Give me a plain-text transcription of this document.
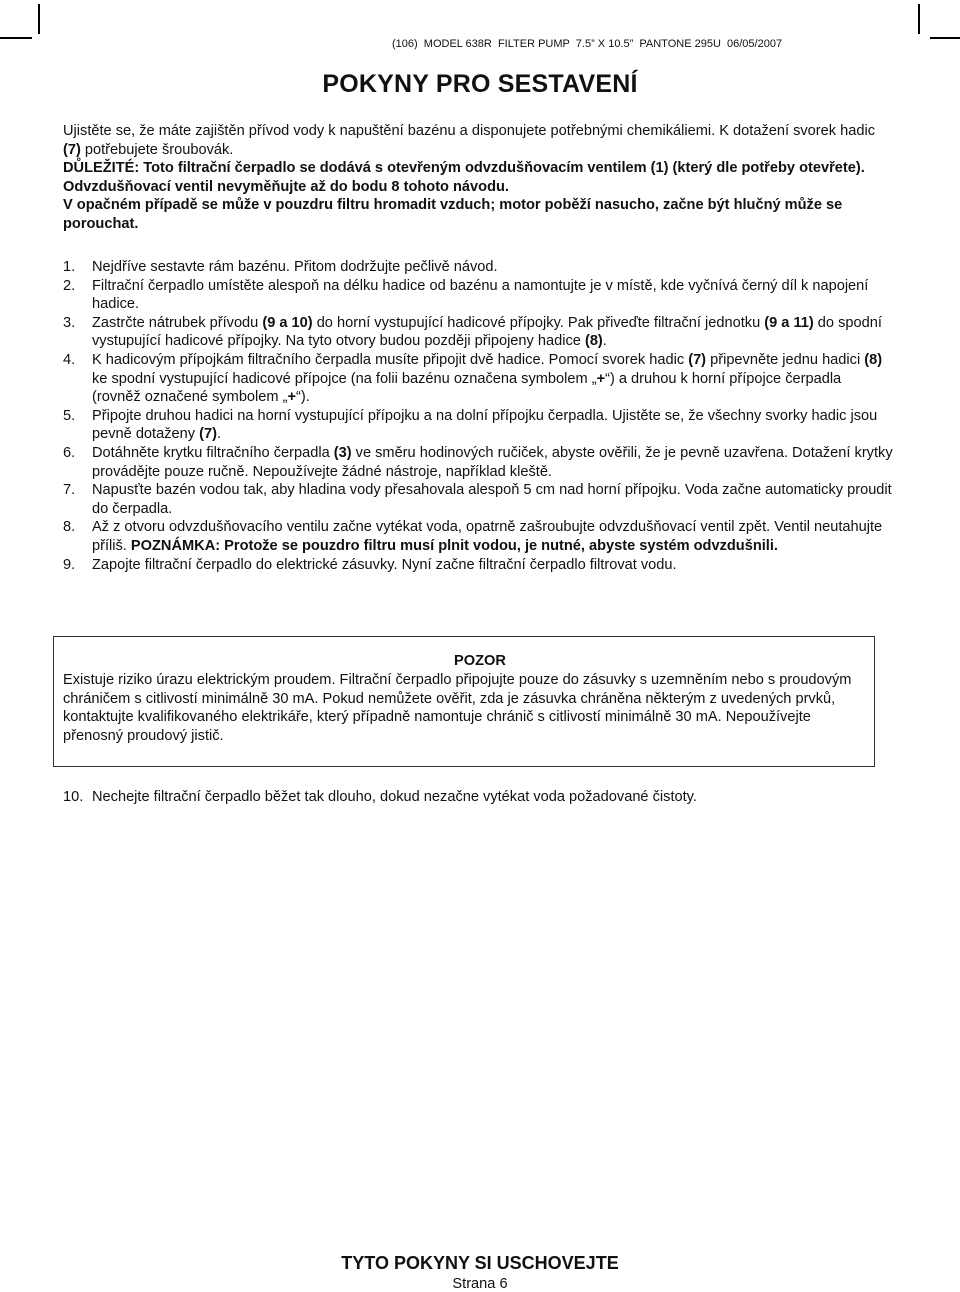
(106)  MODEL 638R  FILTER PUMP  7.5” X 10.5”  PANTONE 295U  06/05/2007
POKYNY PRO SESTAVENÍ

Ujistěte se, že máte zajištěn přívod vody k napuštění bazénu a disponujete potřebnými chemikáliemi. K dotažení svorek hadic (7) potřebujete šroubovák.

DŮLEŽITÉ: Toto filtrační čerpadlo se dodává s otevřeným odvzdušňovacím ventilem (1) (který dle potřeby otevřete). Odvzdušňovací ventil nevyměňujte až do bodu 8 tohoto návodu.

V opačném případě se může v pouzdru filtru hromadit vzduch; motor poběží nasucho, začne být hlučný může se porouchat.

1.	Nejdříve sestavte rám bazénu. Přitom dodržujte pečlivě návod.
2.	Filtrační čerpadlo umístěte alespoň na délku hadice od bazénu a namontujte je v místě, kde vyčnívá černý díl k napojení hadice.
3.	Zastrčte nátrubek přívodu (9 a 10) do horní vystupující hadicové přípojky. Pak přiveďte filtrační jednotku (9 a 11) do spodní vystupující hadicové přípojky. Na tyto otvory budou později připojeny hadice (8).
4.	K hadicovým přípojkám filtračního čerpadla musíte připojit dvě hadice. Pomocí svorek hadic (7) připevněte jednu hadici (8) ke spodní vystupující hadicové přípojce (na folii bazénu označena symbolem „+“) a druhou k horní přípojce čerpadla (rovněž označené symbolem „+“).
5.	Připojte druhou hadici na horní vystupující přípojku a na dolní přípojku čerpadla. Ujistěte se, že všechny svorky hadic jsou pevně dotaženy (7).
6.	Dotáhněte krytku filtračního čerpadla (3) ve směru hodinových ručiček, abyste ověřili, že je pevně uzavřena. Dotažení krytky provádějte pouze ručně. Nepoužívejte žádné nástroje, například kleště.
7.	Napusťte bazén vodou tak, aby hladina vody přesahovala alespoň 5 cm nad horní přípojku. Voda začne automaticky proudit do čerpadla.
8.	Až z otvoru odvzdušňovacího ventilu začne vytékat voda, opatrně zašroubujte odvzdušňovací ventil zpět. Ventil neutahujte příliš. POZNÁMKA: Protože se pouzdro filtru musí plnit vodou, je nutné, abyste systém odvzdušnili.
9.	Zapojte filtrační čerpadlo do elektrické zásuvky. Nyní začne filtrační čerpadlo filtrovat vodu.
POZOR
Existuje riziko úrazu elektrickým proudem. Filtrační čerpadlo připojujte pouze do zásuvky s uzemněním nebo s proudovým chráničem s citlivostí minimálně 30 mA. Pokud nemůžete ověřit, zda je zásuvka chráněna některým z uvedených prvků, kontaktujte kvalifikovaného elektrikáře, který případně namontuje chránič s citlivostí minimálně 30 mA. Nepoužívejte přenosný proudový jistič.
10. Nechejte filtrační čerpadlo běžet tak dlouho, dokud nezačne vytékat voda požadované čistoty.
TYTO POKYNY SI USCHOVEJTE
Strana 6
